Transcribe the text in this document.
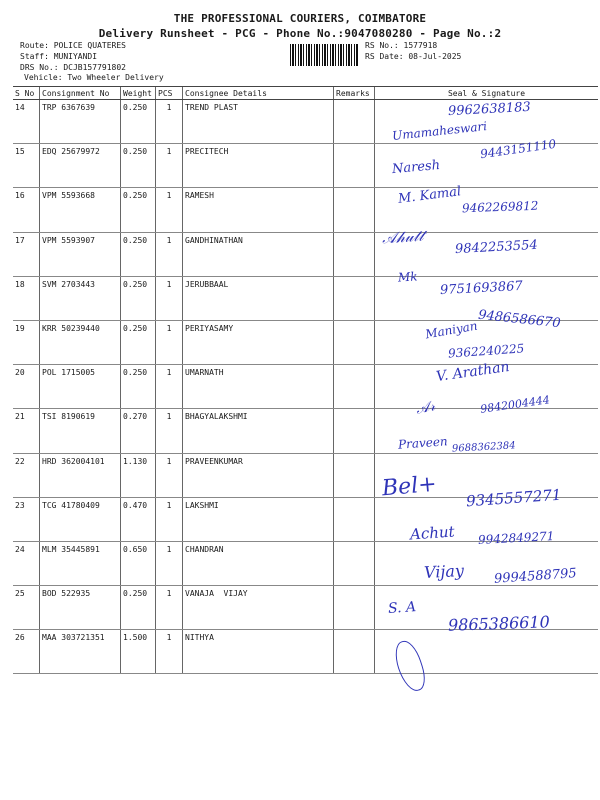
THE PROFESSIONAL COURIERS, COIMBATORE
Delivery Runsheet - PCG - Phone No.:9047080280 - Page No.:2
Route: POLICE QUATERES
Staff: MUNIYANDI
DRS No.: DCJB157791802
Vehicle: Two Wheeler Delivery
RS No.: 1577918
RS Date: 08-Jul-2025
S No	Consignment No	Weight	PCS	Consignee Details	Remarks	Seal & Signature
14	TRP 6367639	0.250	1	TREND PLAST		
15	EDQ 25679972	0.250	1	PRECITECH		
16	VPM 5593668	0.250	1	RAMESH		
17	VPM 5593907	0.250	1	GANDHINATHAN		
18	SVM 2703443	0.250	1	JERUBBAAL		
19	KRR 50239440	0.250	1	PERIYASAMY		
20	POL 1715005	0.250	1	UMARNATH		
21	TSI 8190619	0.270	1	BHAGYALAKSHMI		
22	HRD 362004101	1.130	1	PRAVEENKUMAR		
23	TCG 41780409	0.470	1	LAKSHMI		
24	MLM 35445891	0.650	1	CHANDRAN		
25	BOD 522935	0.250	1	VANAJA  VIJAY		
26	MAA 303721351	1.500	1	NITHYA		
9962638183
Umamaheswari
Naresh
9443151110
M. Kamal
9462269812
𝒜𝒽𝓊𝓉𝓉
9842253554
9751693867
Mk
9486586670
Maniyan
9362240225
V. Arathan
𝒜𝓇	9842004444
Praveen 9688362384
Bel+ 9345557271
Achut 9942849271
Vijay 9994588795
S. A
9865386610
